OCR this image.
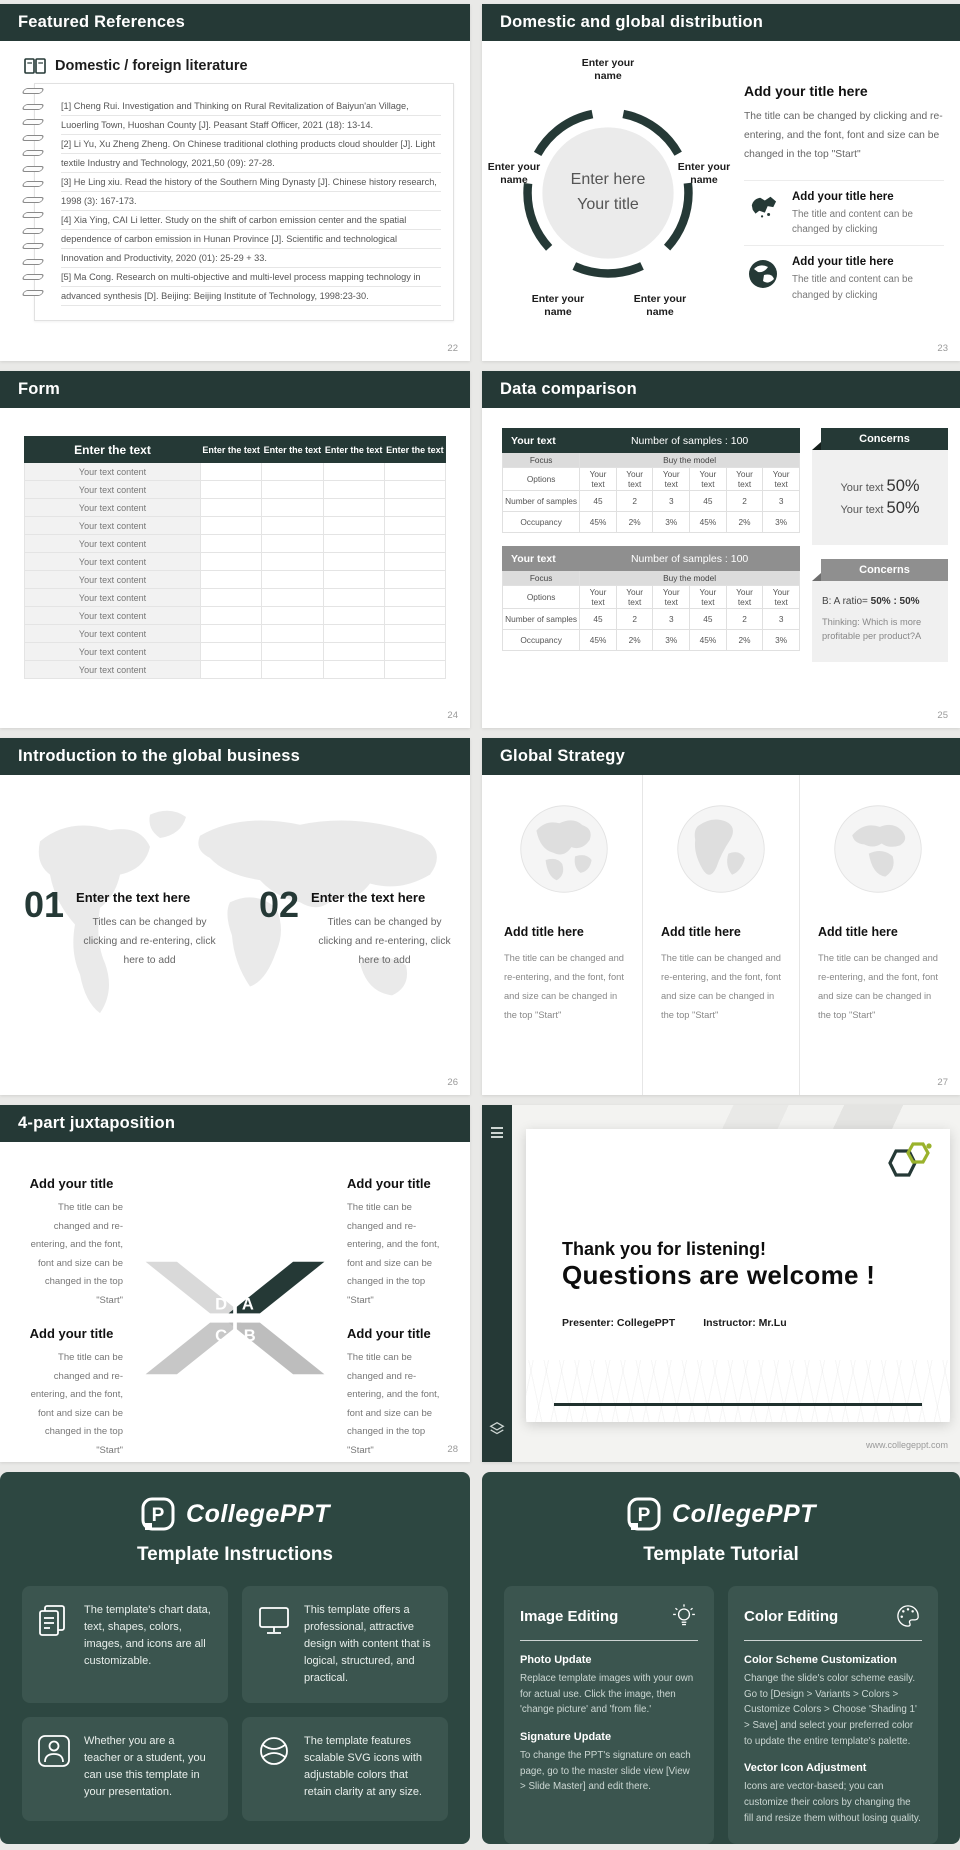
Featured References
Domestic / foreign literature

[1] Cheng Rui. Investigation and Thinking on Rural Revitalization of Baiyun'an Village, Luoerling Town, Huoshan County [J]. Peasant Staff Officer, 2021 (18): 13-14.

[2] Li Yu, Xu Zheng Zheng. On Chinese traditional clothing products cloud shoulder [J]. Light textile Industry and Technology, 2021,50 (09): 27-28.

[3] He Ling xiu. Read the history of the Southern Ming Dynasty [J]. Chinese history research, 1998 (3): 167-173.

[4] Xia Ying, CAI Li letter. Study on the shift of carbon emission center and the spatial dependence of carbon emission in Hunan Province [J]. Scientific and technological Innovation and Productivity, 2020 (01): 25-29 + 33.

[5] Ma Cong. Research on multi-objective and multi-level process mapping technology in advanced synthesis [D]. Beijing: Beijing Institute of Technology, 1998:23-30.

22
Domestic and global distribution
Enter here
Your title
Enter your name
Enter your name
Enter your name
Enter your name
Enter your name
Add your title here

The title can be changed by clicking and re-entering, and the font, font and size can be changed in the top "Start"

Add your title here

The title and content can be changed by clicking

Add your title here

The title and content can be changed by clicking

23
Form
Enter the text	Enter the text	Enter the text	Enter the text	Enter the text
Your text content				
Your text content				
Your text content				
Your text content				
Your text content				
Your text content				
Your text content				
Your text content				
Your text content				
Your text content				
Your text content				
Your text content				
24
Data comparison
Your text	Number of samples : 100					
Focus	Buy the model					
Options	Your text	Your text	Your text	Your text	Your text	Your text
Number of samples	45	2	3	45	2	3
Occupancy	45%	2%	3%	45%	2%	3%
Your text	Number of samples : 100					
Focus	Buy the model					
Options	Your text	Your text	Your text	Your text	Your text	Your text
Number of samples	45	2	3	45	2	3
Occupancy	45%	2%	3%	45%	2%	3%
Concerns
Your text 50%
Your text 50%
Concerns
B: A ratio= 50% : 50%

Thinking: Which is more profitable per product?A

25
Introduction to the global business
01 Enter the text here

Titles can be changed by clicking and re-entering, click here to add

02 Enter the text here

Titles can be changed by clicking and re-entering, click here to add

26
Global Strategy
Add title here

The title can be changed and re-entering, and the font, font and size can be changed in the top "Start"

Add title here

The title can be changed and re-entering, and the font, font and size can be changed in the top "Start"

Add title here

The title can be changed and re-entering, and the font, font and size can be changed in the top "Start"

27
4-part juxtaposition
Add your title

The title can be changed and re-entering, and the font, font and size can be changed in the top "Start"	D A
C B
Add your title

The title can be changed and re-entering, and the font, font and size can be changed in the top "Start"

Add your title

The title can be changed and re-entering, and the font, font and size can be changed in the top "Start"

Add your title

The title can be changed and re-entering, and the font, font and size can be changed in the top "Start"	28
Thank you for listening!
Questions are welcome !
Presenter: CollegePPT	Instructor: Mr.Lu
www.collegeppt.com
P CollegePPT
Template Instructions

The template's chart data, text, shapes, colors, images, and icons are all customizable.

This template offers a professional, attractive design with content that is logical, structured, and practical.

Whether you are a teacher or a student, you can use this template in your presentation.

The template features scalable SVG icons with adjustable colors that retain clarity at any size.

P CollegePPT
Template Tutorial
Image Editing
Photo Update

Replace template images with your own for actual use. Click the image, then 'change picture' and 'from file.'

Signature Update

To change the PPT's signature on each page, go to the master slide view [View > Slide Master] and edit there.

Color Editing
Color Scheme Customization

Change the slide's color scheme easily. Go to [Design > Variants > Colors > Customize Colors > Choose 'Shading 1' > Save] and select your preferred color to update the entire template's palette.

Vector Icon Adjustment

Icons are vector-based; you can customize their colors by changing the fill and resize them without losing quality.
